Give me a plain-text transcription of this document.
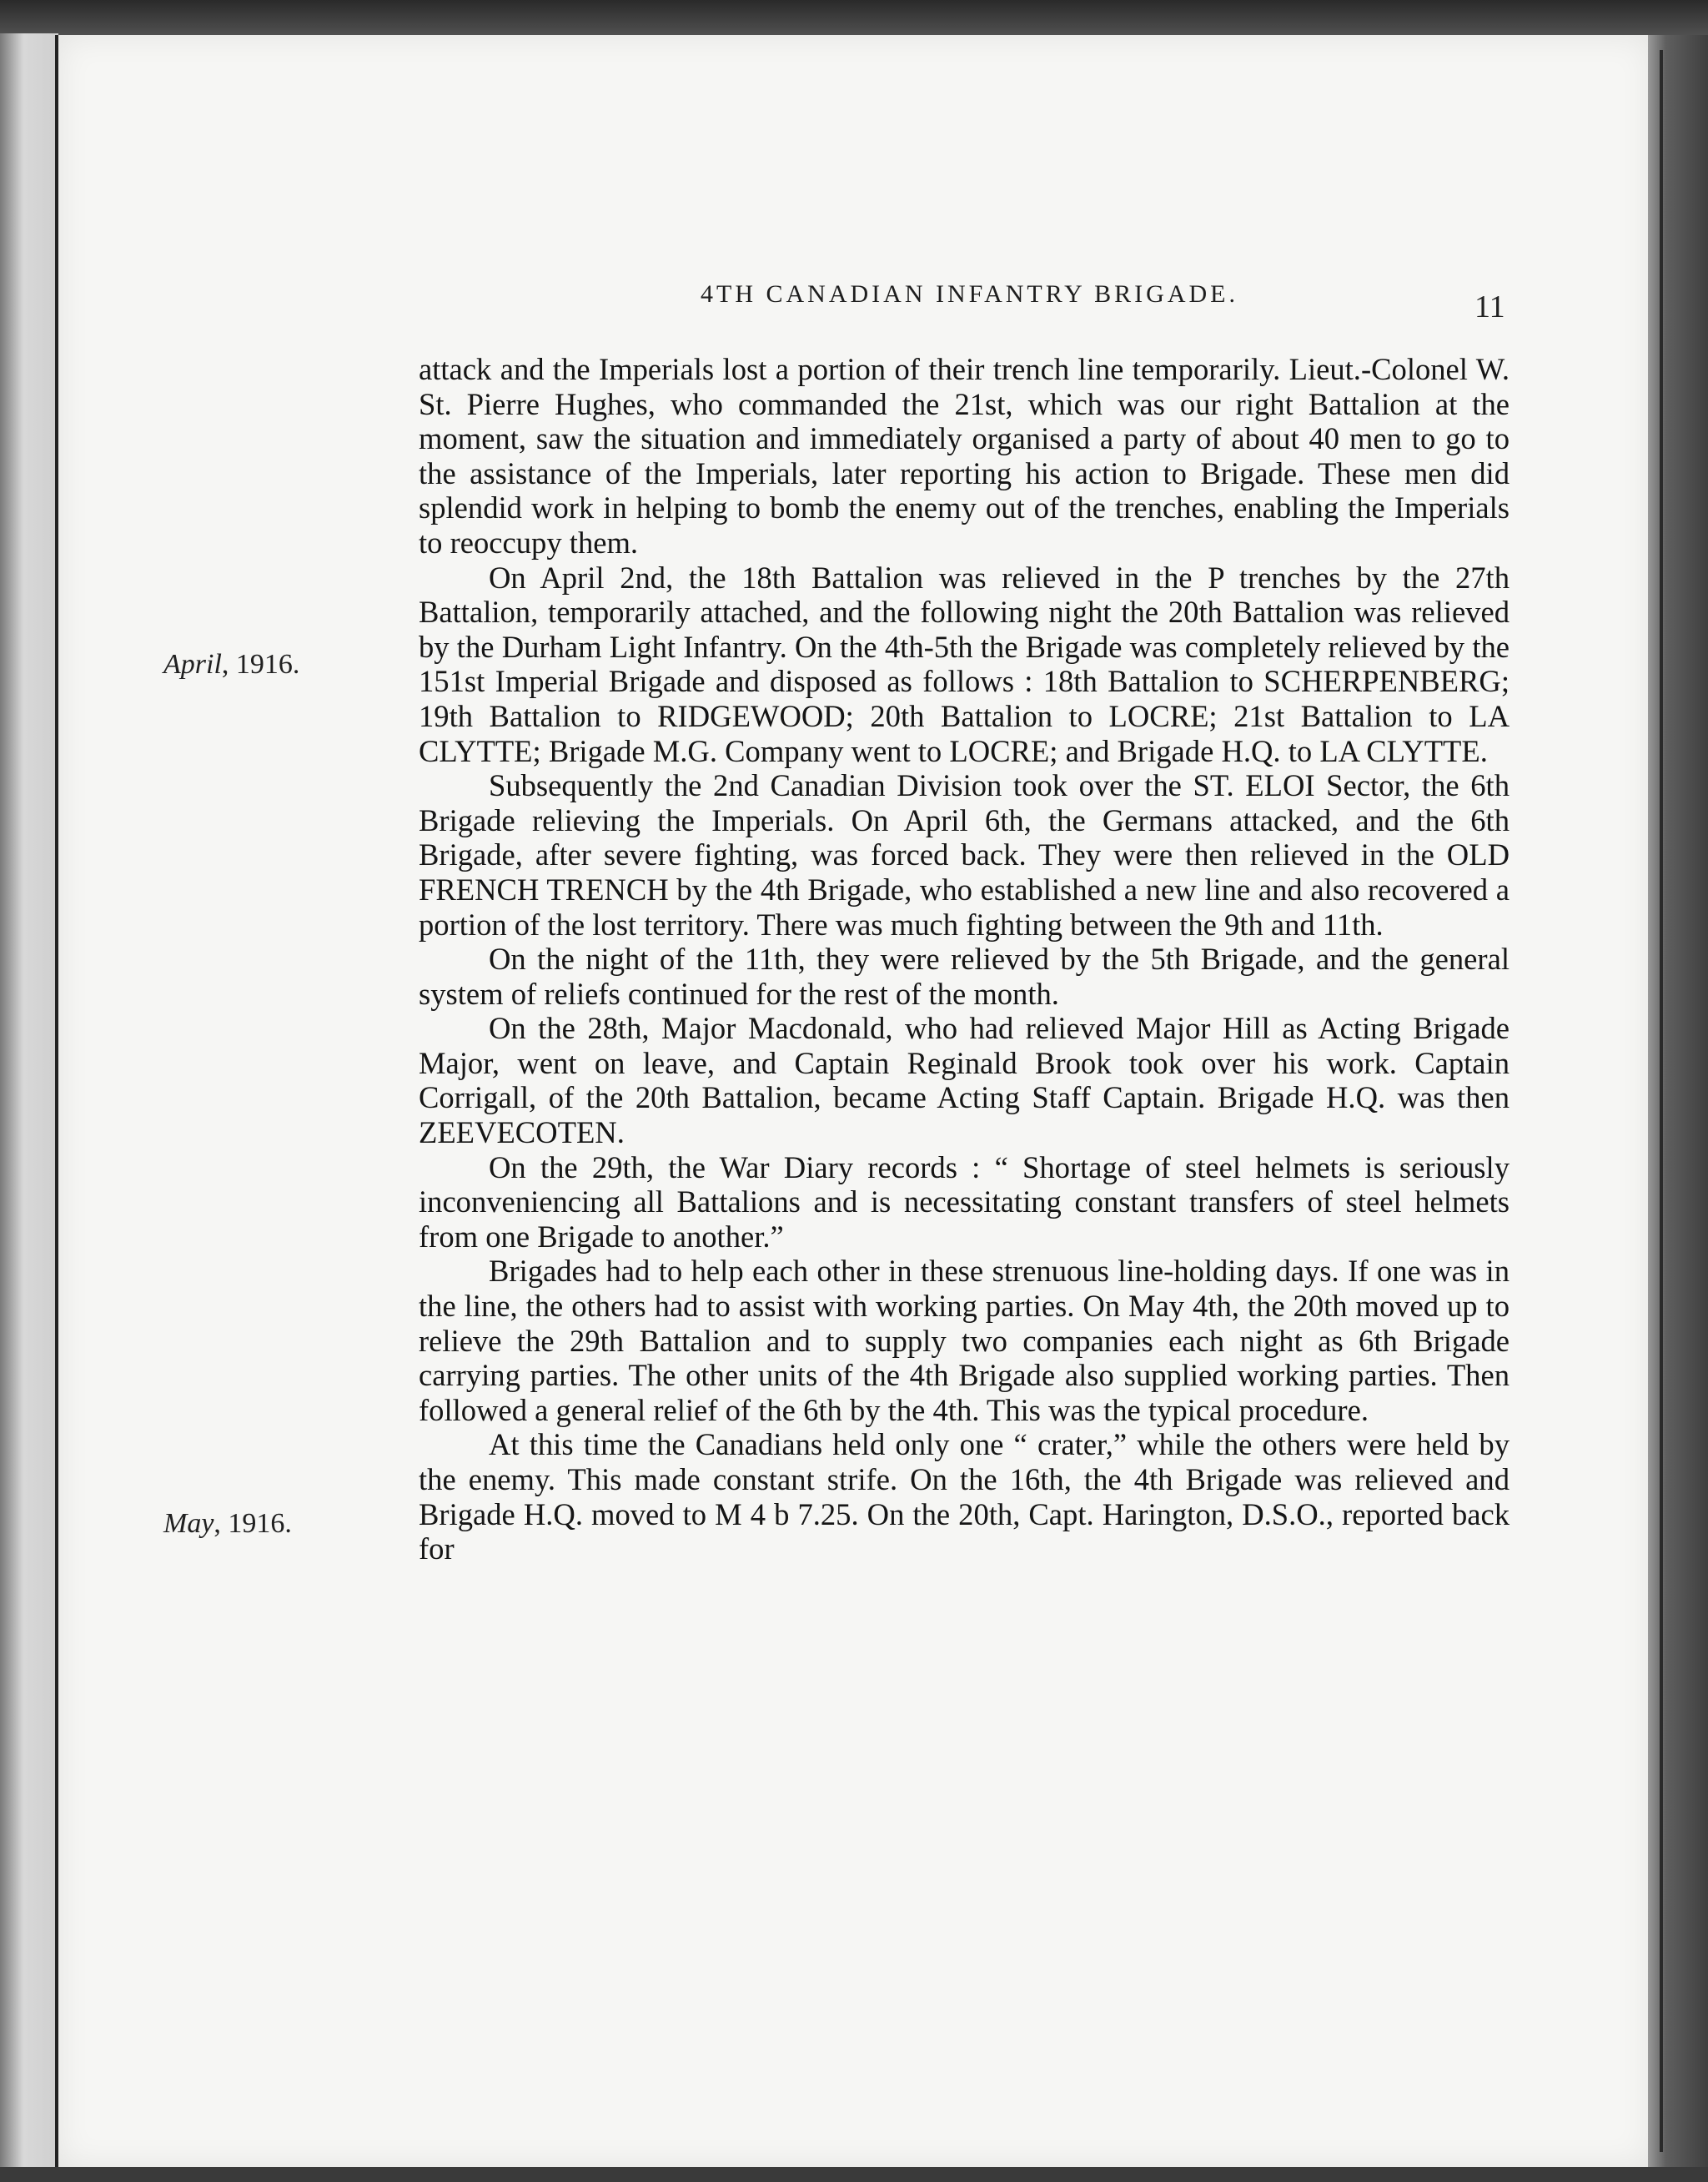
4TH CANADIAN INFANTRY BRIGADE.	11
April, 1916.
May, 1916.

attack and the Imperials lost a portion of their trench line temporarily. Lieut.-Colonel W. St. Pierre Hughes, who commanded the 21st, which was our right Battalion at the moment, saw the situation and immediately organised a party of about 40 men to go to the assistance of the Imperials, later reporting his action to Brigade. These men did splendid work in helping to bomb the enemy out of the trenches, enabling the Imperials to reoccupy them.

On April 2nd, the 18th Battalion was relieved in the P trenches by the 27th Battalion, temporarily attached, and the following night the 20th Battalion was relieved by the Durham Light Infantry. On the 4th-5th the Brigade was completely relieved by the 151st Imperial Brigade and disposed as follows : 18th Battalion to SCHERPENBERG; 19th Battalion to RIDGEWOOD; 20th Battalion to LOCRE; 21st Battalion to LA CLYTTE; Brigade M.G. Company went to LOCRE; and Brigade H.Q. to LA CLYTTE.

Subsequently the 2nd Canadian Division took over the ST. ELOI Sector, the 6th Brigade relieving the Imperials. On April 6th, the Germans attacked, and the 6th Brigade, after severe fighting, was forced back. They were then relieved in the OLD FRENCH TRENCH by the 4th Brigade, who established a new line and also recovered a portion of the lost territory. There was much fighting between the 9th and 11th.

On the night of the 11th, they were relieved by the 5th Brigade, and the general system of reliefs continued for the rest of the month.

On the 28th, Major Macdonald, who had relieved Major Hill as Acting Brigade Major, went on leave, and Captain Reginald Brook took over his work. Captain Corrigall, of the 20th Battalion, became Acting Staff Captain. Brigade H.Q. was then ZEEVECOTEN.

On the 29th, the War Diary records : “ Shortage of steel helmets is seriously inconveniencing all Battalions and is necessitating constant transfers of steel helmets from one Brigade to another.”

Brigades had to help each other in these strenuous line-holding days. If one was in the line, the others had to assist with working parties. On May 4th, the 20th moved up to relieve the 29th Battalion and to supply two companies each night as 6th Brigade carrying parties. The other units of the 4th Brigade also supplied working parties. Then followed a general relief of the 6th by the 4th. This was the typical procedure.

At this time the Canadians held only one “ crater,” while the others were held by the enemy. This made constant strife. On the 16th, the 4th Brigade was relieved and Brigade H.Q. moved to M 4 b 7.25. On the 20th, Capt. Harington, D.S.O., reported back for
